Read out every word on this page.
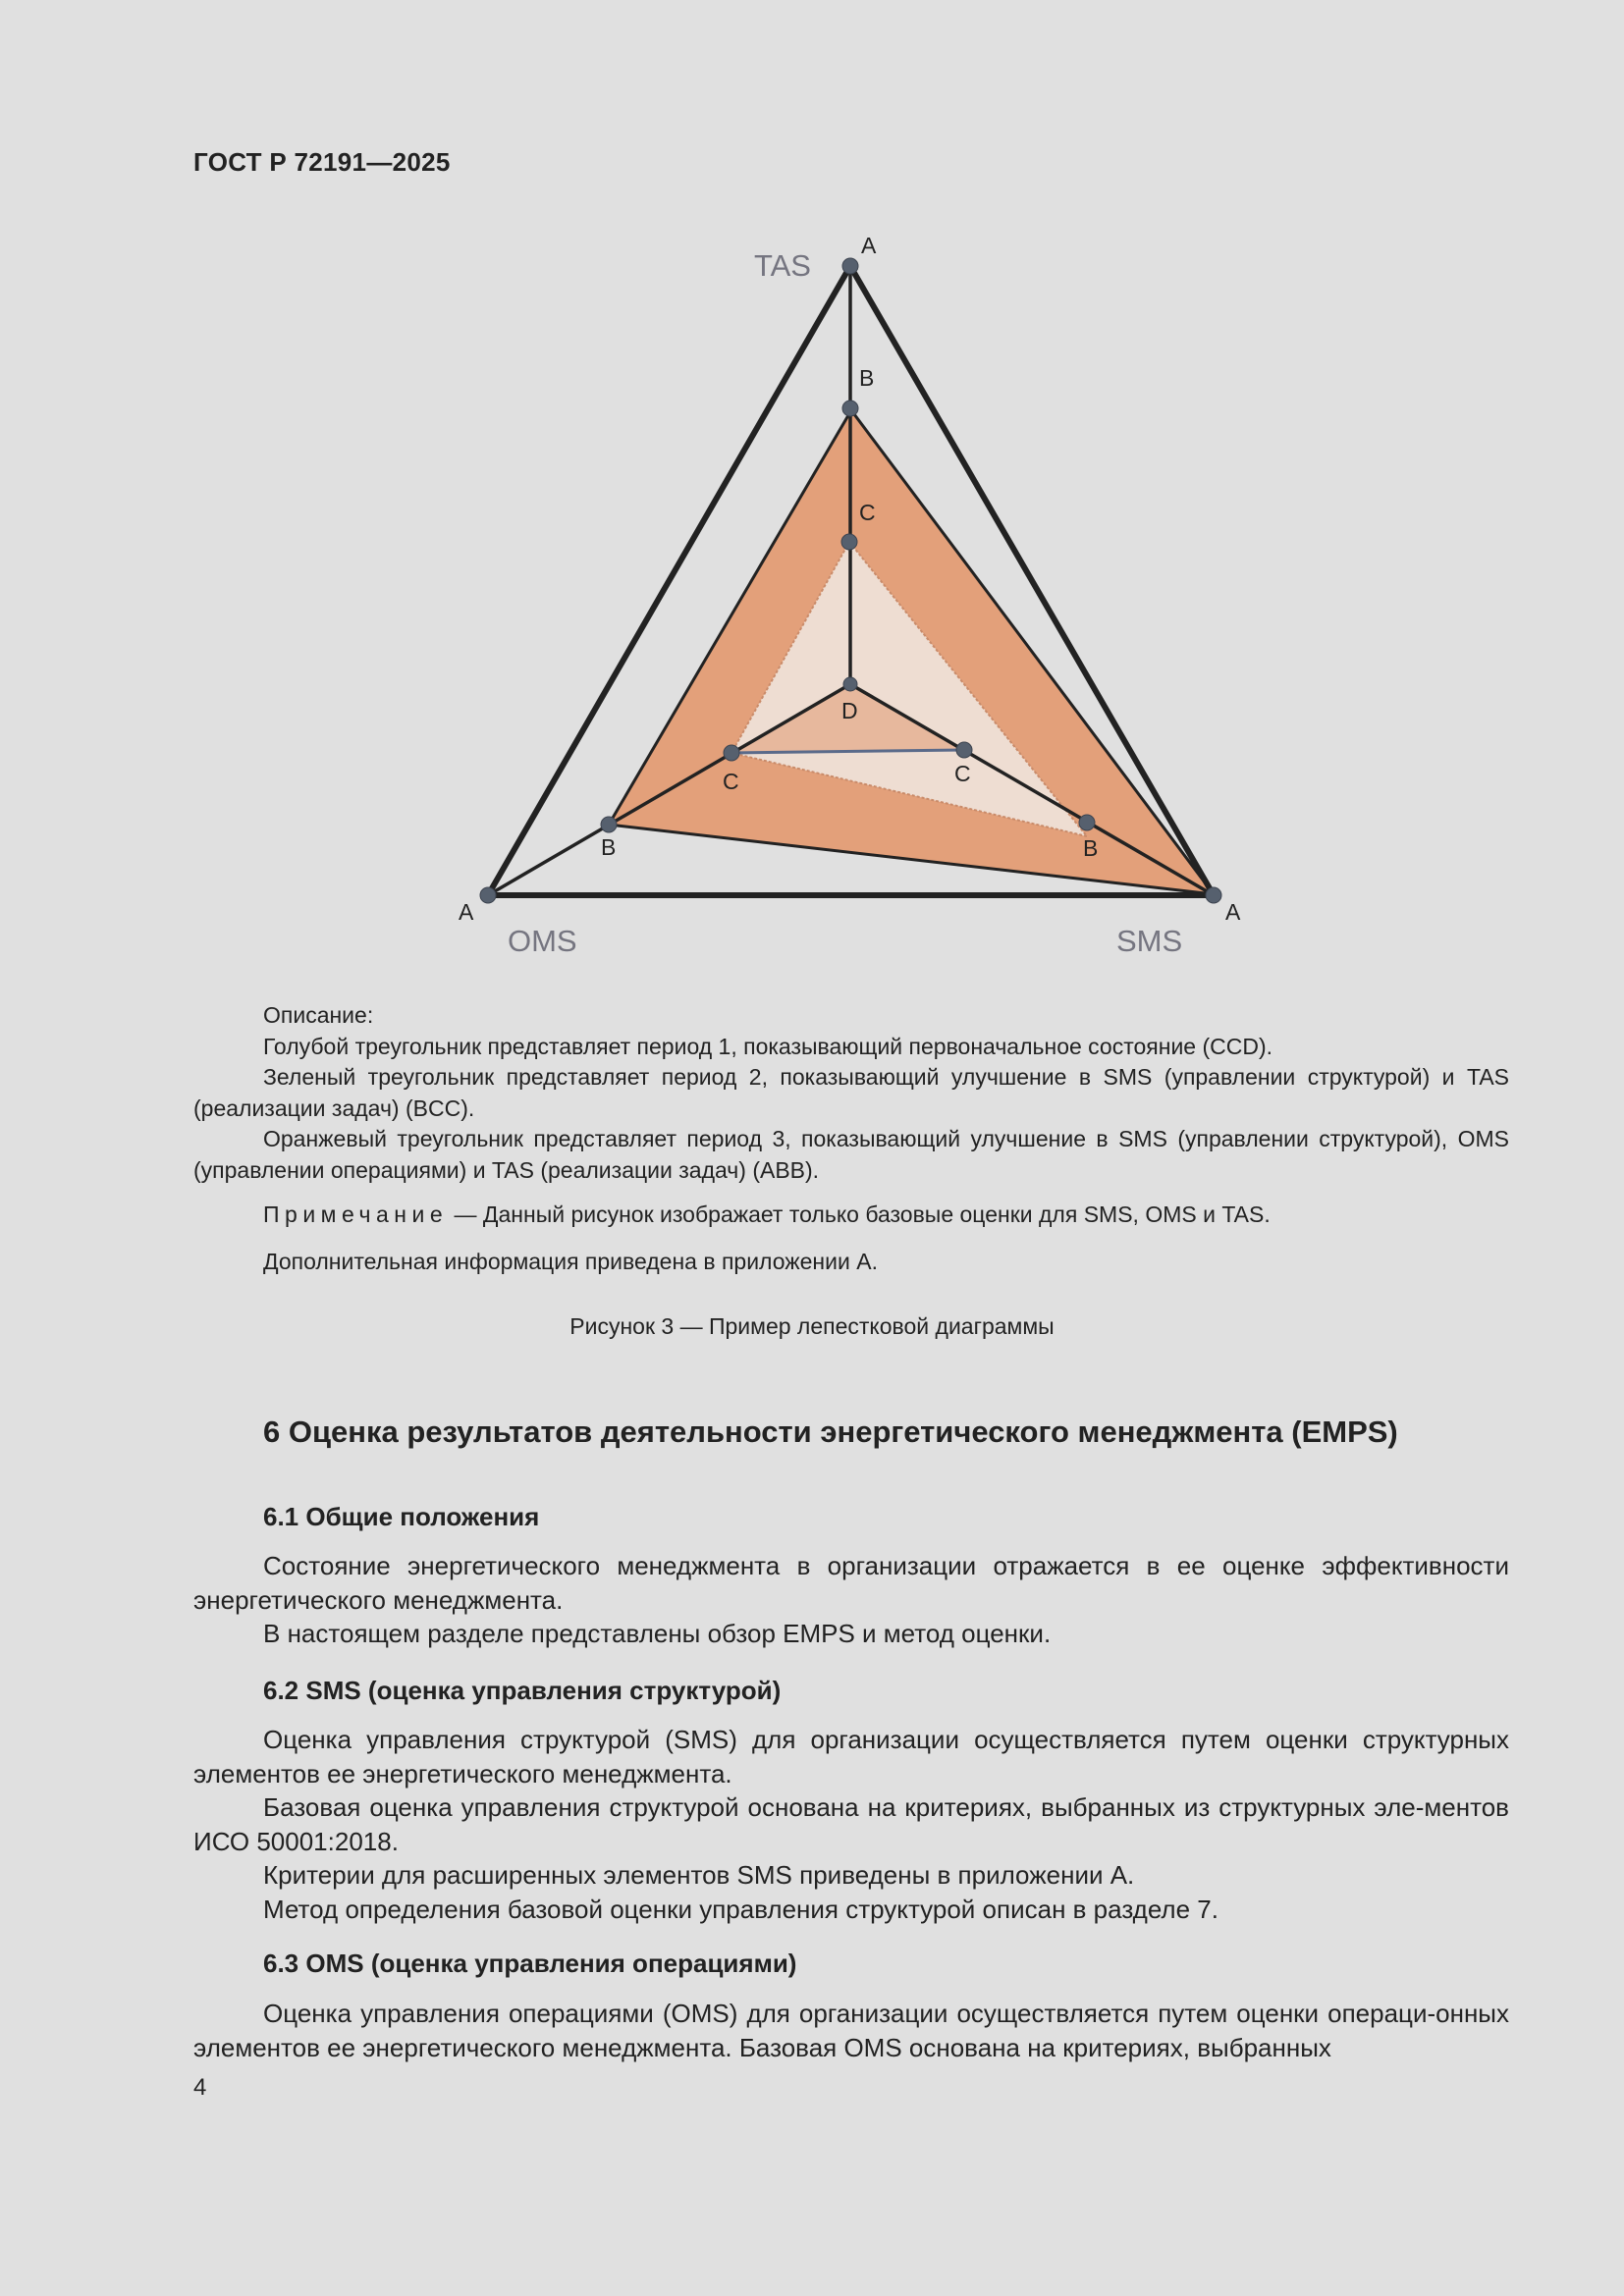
ГОСТ Р 72191—2025
A
B
C
D
A
B
C
A
B
C
TAS
OMS	SMS

Описание:

Голубой треугольник представляет период 1, показывающий первоначальное состояние (CCD).

Зеленый треугольник представляет период 2, показывающий улучшение в SMS (управлении структурой) и TAS (реализации задач) (BCC).

Оранжевый треугольник представляет период 3, показывающий улучшение в SMS (управлении структурой), OMS (управлении операциями) и TAS (реализации задач) (ABB).

Примечание — Данный рисунок изображает только базовые оценки для SMS, OMS и TAS.
Дополнительная информация приведена в приложении А.
Рисунок 3 — Пример лепестковой диаграммы
6 Оценка результатов деятельности энергетического менеджмента (EMPS)
6.1 Общие положения

Состояние энергетического менеджмента в организации отражается в ее оценке эффективности энергетического менеджмента.

В настоящем разделе представлены обзор EMPS и метод оценки.

6.2 SMS (оценка управления структурой)

Оценка управления структурой (SMS) для организации осуществляется путем оценки структурных элементов ее энергетического менеджмента.

Базовая оценка управления структурой основана на критериях, выбранных из структурных эле-ментов ИСО 50001:2018.

Критерии для расширенных элементов SMS приведены в приложении А.

Метод определения базовой оценки управления структурой описан в разделе 7.

6.3 OMS (оценка управления операциями)

Оценка управления операциями (OMS) для организации осуществляется путем оценки операци-онных элементов ее энергетического менеджмента. Базовая OMS основана на критериях, выбранных

4
